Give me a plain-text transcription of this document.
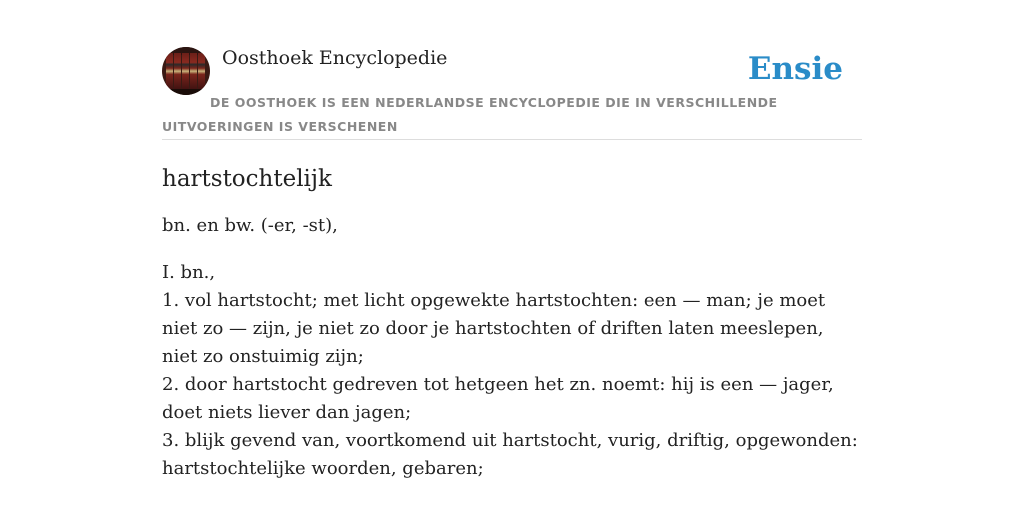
Oosthoek Encyclopedie	Ensie
DE OOSTHOEK IS EEN NEDERLANDSE ENCYCLOPEDIE DIE IN VERSCHILLENDE UITVOERINGEN IS VERSCHENEN
hartstochtelijk

bn. en bw. (-er, -st),

I. bn.,
1. vol hartstocht; met licht opgewekte hartstochten: een — man; je moet niet zo — zijn, je niet zo door je hartstochten of driften laten meeslepen, niet zo onstuimig zijn;
2. door hartstocht gedreven tot hetgeen het zn. noemt: hij is een — jager, doet niets liever dan jagen;
3. blijk gevend van, voortkomend uit hartstocht, vurig, driftig, opgewonden: hartstochtelijke woorden, gebaren;
